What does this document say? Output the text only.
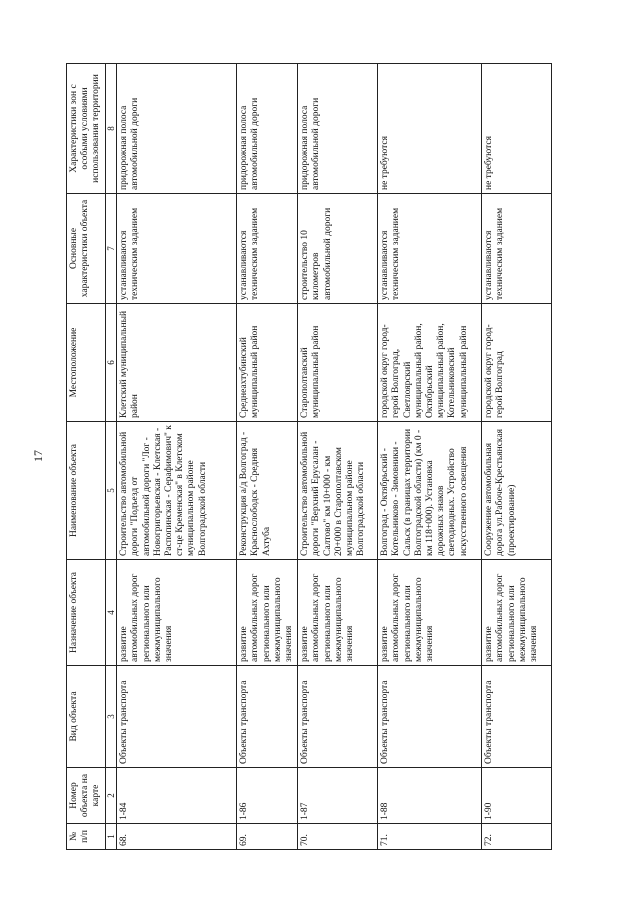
17
№ п/п	Номер объекта на карте	Вид объекта	Назначение объекта	Наименование объекта	Местоположение	Основные характеристики объекта	Характеристики зон с особыми условиями использования территории
1	2	3	4	5	6	7	8
68.	1-84	Объекты транспорта	развитие автомобильных дорог регионального или межмуниципального значения	Строительство автомобильной дороги "Подъезд от автомобильной дороги "Лог - Новогригорьевская - Клетская - Распопинская - Серафимович" к ст-це Кременская" в Клетском муниципальном районе Волгоградской области	Клетский муниципальный район	устанавливаются техническим заданием	придорожная полоса автомобильной дороги
69.	1-86	Объекты транспорта	развитие автомобильных дорог регионального или межмуниципального значения	Реконструкция а/д Волгоград - Краснослободск - Средняя Ахтуба	Среднеахтубинский муниципальный район	устанавливаются техническим заданием	придорожная полоса автомобильной дороги
70.	1-87	Объекты транспорта	развитие автомобильных дорог регионального или межмуниципального значения	Строительство автомобильной дороги "Верхний Ерусалан - Салтово" км 10+000 - км 20+000 в Старополтавском муниципальном районе Волгоградской области	Старополтавский муниципальный район	строительство 10 километров автомобильной дороги	придорожная полоса автомобильной дороги
71.	1-88	Объекты транспорта	развитие автомобильных дорог регионального или межмуниципального значения	Волгоград - Октябрьский - Котельниково - Зимовники - Сальск (в границах территории Волгоградской области) (км 0 - км 118+000). Установка дорожных знаков светодиодных. Устройство искусственного освещения	городской округ город-герой Волгоград, Светлоярский муниципальный район, Октябрьский муниципальный район, Котельниковский муниципальный район	устанавливаются техническим заданием	не требуются
72.	1-90	Объекты транспорта	развитие автомобильных дорог регионального или межмуниципального значения	Сооружение автомобильная дорога ул.Рабоче-Крестьянская (проектирование)	городской округ город-герой Волгоград	устанавливаются техническим заданием	не требуются
